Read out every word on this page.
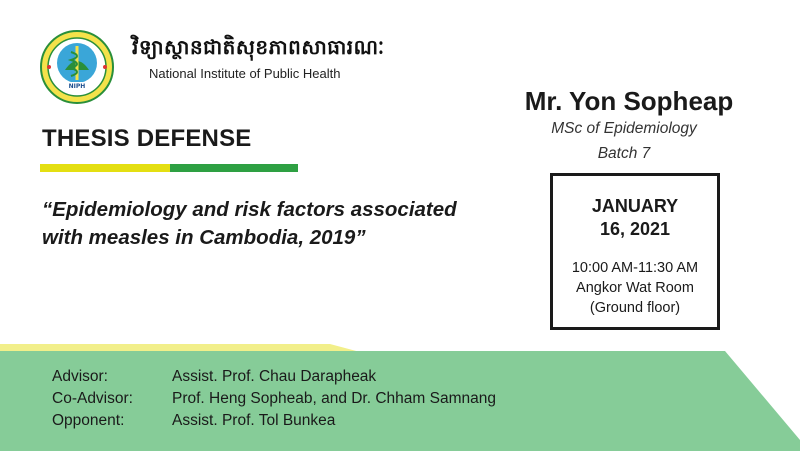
NIPH
វិទ្យាស្ថានជាតិសុខភាពសាធារណៈ
National Institute of Public Health
THESIS DEFENSE
“Epidemiology and risk factors associated with measles in Cambodia, 2019”
Mr. Yon Sopheap
MSc of Epidemiology
Batch 7
JANUARY
16, 2021
10:00 AM-11:30 AM
Angkor Wat Room
(Ground floor)
Advisor:	Assist. Prof. Chau Darapheak
Co-Advisor:	Prof. Heng Sopheab, and Dr. Chham Samnang
Opponent:	Assist. Prof. Tol Bunkea
